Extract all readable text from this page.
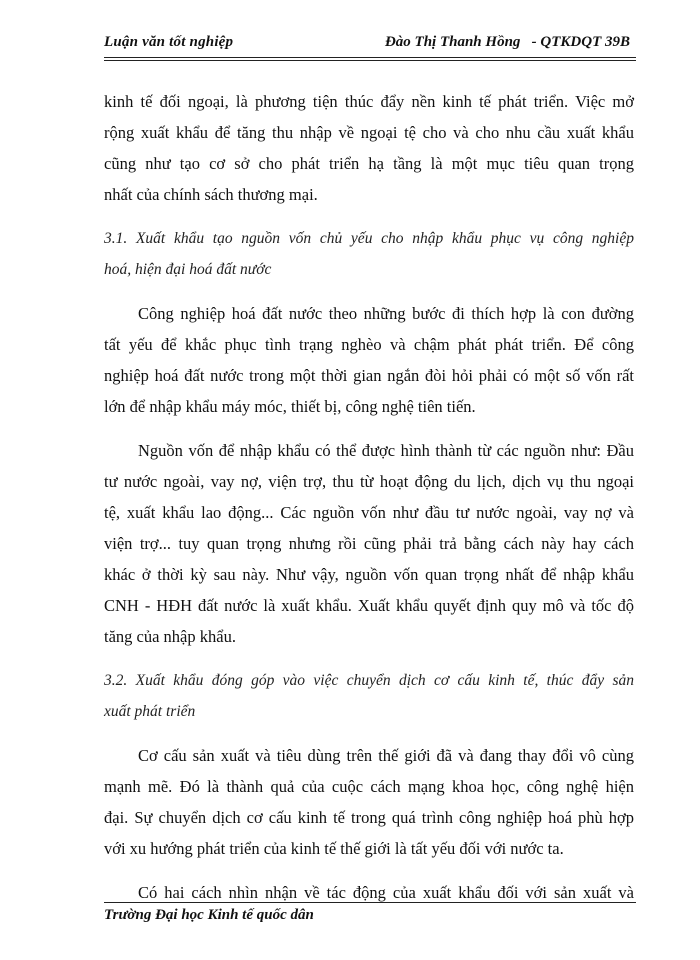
Luận văn tốt nghiệp	Đào Thị Thanh Hồng   - QTKDQT 39B
kinh tế đối ngoại, là phương tiện thúc đẩy nền kinh tế phát triển. Việc mở
rộng xuất khẩu để tăng thu nhập về ngoại tệ cho và cho nhu cầu xuất khẩu
cũng như tạo cơ sở cho phát triển hạ tầng là một mục tiêu quan trọng
nhất của chính sách thương mại.
3.1. Xuất khẩu tạo nguồn vốn chủ yếu cho nhập khẩu phục vụ công nghiệp
hoá, hiện đại hoá đất nước
Công nghiệp hoá đất nước theo những bước đi thích hợp là con đường
tất yếu để khắc phục tình trạng nghèo và chậm phát phát triển. Để công
nghiệp hoá đất nước trong một thời gian ngắn đòi hỏi phải có một số vốn rất
lớn để nhập khẩu máy móc, thiết bị, công nghệ tiên tiến.
Nguồn vốn để nhập khẩu có thể được hình thành từ các nguồn như: Đầu
tư nước ngoài, vay nợ, viện trợ, thu từ hoạt động du lịch, dịch vụ thu ngoại
tệ, xuất khẩu lao động... Các nguồn vốn như đầu tư nước ngoài, vay nợ và
viện trợ... tuy quan trọng nhưng rồi cũng phải trả bằng cách này hay cách
khác ở thời kỳ sau này. Như vậy, nguồn vốn quan trọng nhất để nhập khẩu
CNH - HĐH đất nước là xuất khẩu. Xuất khẩu quyết định quy mô và tốc độ
tăng của nhập khẩu.
3.2. Xuất khẩu đóng góp vào việc chuyển dịch cơ cấu kinh tế, thúc đẩy sản
xuất phát triển
Cơ cấu sản xuất và tiêu dùng trên thế giới đã và đang thay đổi vô cùng
mạnh mẽ. Đó là thành quả của cuộc cách mạng khoa học, công nghệ hiện
đại. Sự chuyển dịch cơ cấu kinh tế trong quá trình công nghiệp hoá phù hợp
với xu hướng phát triển của kinh tế thế giới là tất yếu đối với nước ta.
Có hai cách nhìn nhận về tác động của xuất khẩu đối với sản xuất và
Trường Đại học Kinh tế quốc dân
